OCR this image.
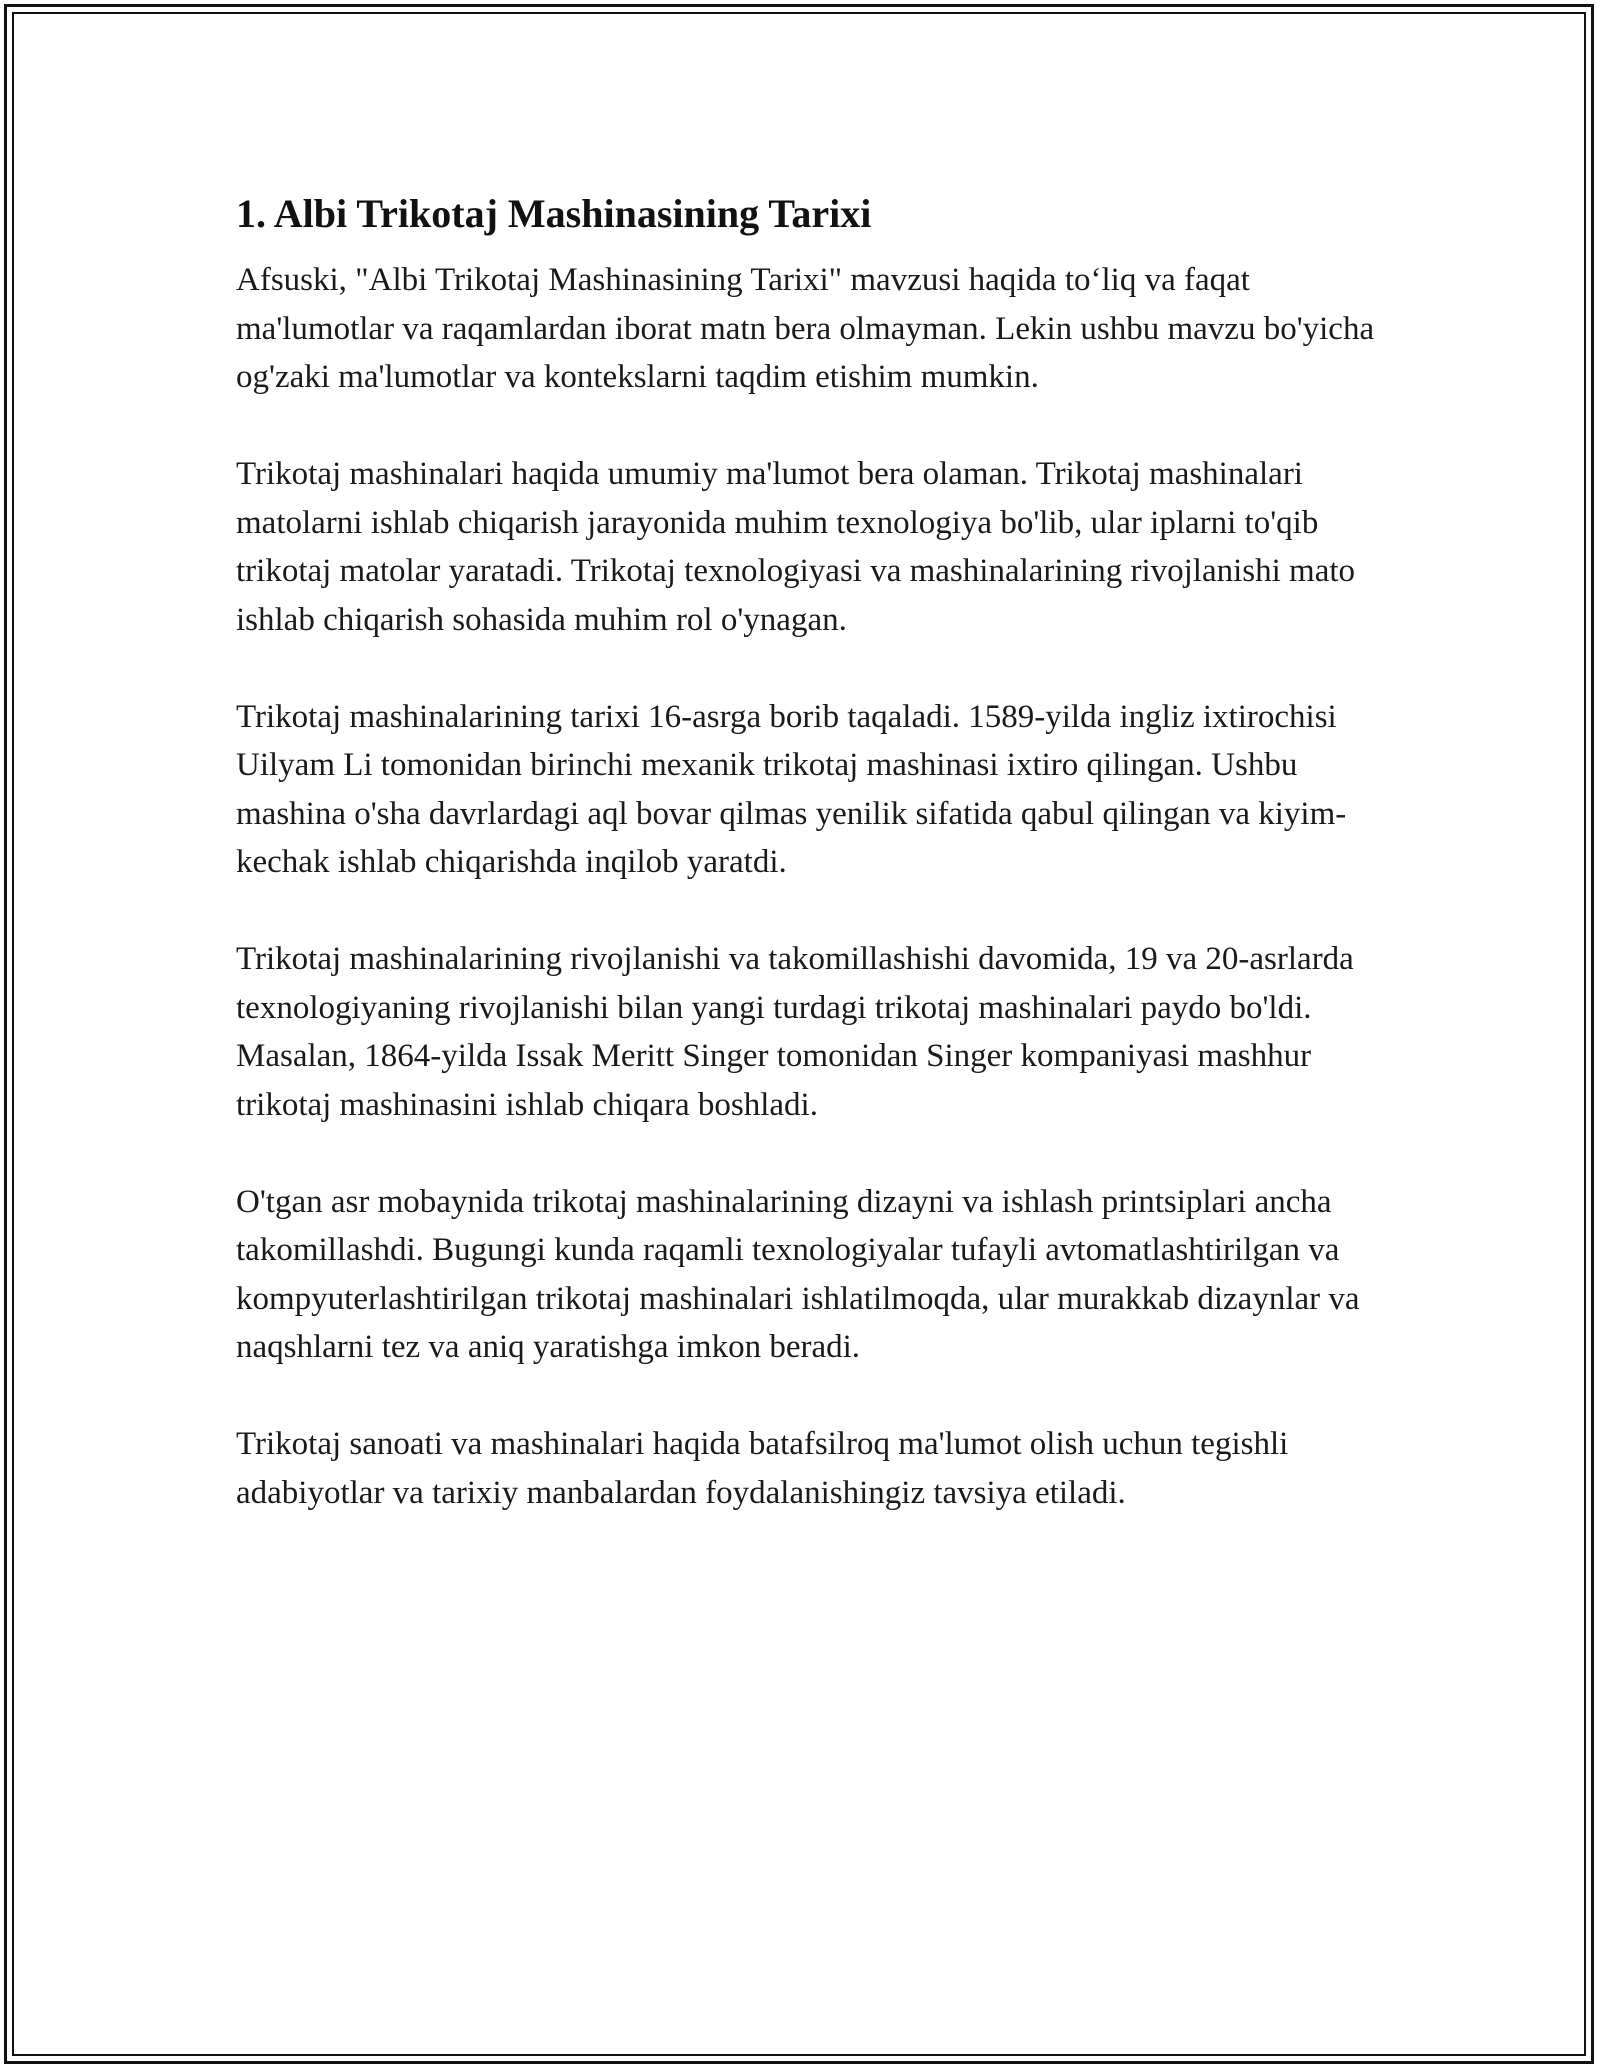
1. Albi Trikotaj Mashinasining Tarixi

Afsuski, "Albi Trikotaj Mashinasining Tarixi" mavzusi haqida to‘liq va faqat ma'lumotlar va raqamlardan iborat matn bera olmayman. Lekin ushbu mavzu bo'yicha og'zaki ma'lumotlar va kontekslarni taqdim etishim mumkin.

Trikotaj mashinalari haqida umumiy ma'lumot bera olaman. Trikotaj mashinalari matolarni ishlab chiqarish jarayonida muhim texnologiya bo'lib, ular iplarni to'qib trikotaj matolar yaratadi. Trikotaj texnologiyasi va mashinalarining rivojlanishi mato ishlab chiqarish sohasida muhim rol o'ynagan.

Trikotaj mashinalarining tarixi 16-asrga borib taqaladi. 1589-yilda ingliz ixtirochisi Uilyam Li tomonidan birinchi mexanik trikotaj mashinasi ixtiro qilingan. Ushbu mashina o'sha davrlardagi aql bovar qilmas yenilik sifatida qabul qilingan va kiyim-kechak ishlab chiqarishda inqilob yaratdi.

Trikotaj mashinalarining rivojlanishi va takomillashishi davomida, 19 va 20-asrlarda texnologiyaning rivojlanishi bilan yangi turdagi trikotaj mashinalari paydo bo'ldi. Masalan, 1864-yilda Issak Meritt Singer tomonidan Singer kompaniyasi mashhur trikotaj mashinasini ishlab chiqara boshladi.

O'tgan asr mobaynida trikotaj mashinalarining dizayni va ishlash printsiplari ancha takomillashdi. Bugungi kunda raqamli texnologiyalar tufayli avtomatlashtirilgan va kompyuterlashtirilgan trikotaj mashinalari ishlatilmoqda, ular murakkab dizaynlar va naqshlarni tez va aniq yaratishga imkon beradi.

Trikotaj sanoati va mashinalari haqida batafsilroq ma'lumot olish uchun tegishli adabiyotlar va tarixiy manbalardan foydalanishingiz tavsiya etiladi.
